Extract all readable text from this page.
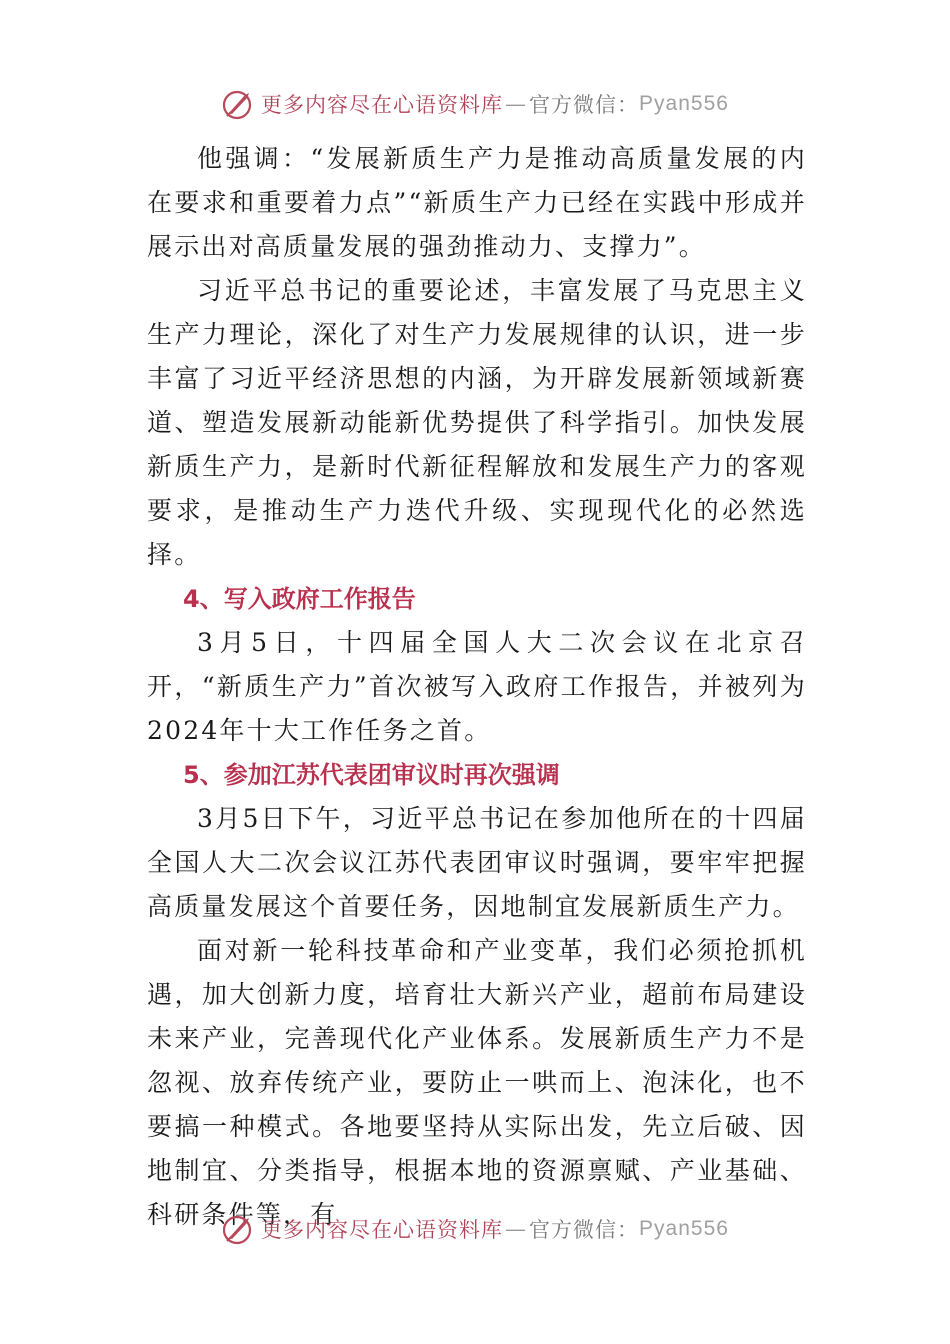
更多内容尽在心语资料库 — 官方微信： Pyan556

他强调：“发展新质生产力是推动高质量发展的内在要求和重要着力点”“新质生产力已经在实践中形成并展示出对高质量发展的强劲推动力、支撑力”。

习近平总书记的重要论述，丰富发展了马克思主义生产力理论，深化了对生产力发展规律的认识，进一步丰富了习近平经济思想的内涵，为开辟发展新领域新赛道、塑造发展新动能新优势提供了科学指引。加快发展新质生产力，是新时代新征程解放和发展生产力的客观要求，是推动生产力迭代升级、实现现代化的必然选择。

4、写入政府工作报告

3月5日，十四届全国人大二次会议在北京召开，“新质生产力”首次被写入政府工作报告，并被列为2024年十大工作任务之首。

5、参加江苏代表团审议时再次强调

3月5日下午，习近平总书记在参加他所在的十四届全国人大二次会议江苏代表团审议时强调，要牢牢把握高质量发展这个首要任务，因地制宜发展新质生产力。

面对新一轮科技革命和产业变革，我们必须抢抓机遇，加大创新力度，培育壮大新兴产业，超前布局建设未来产业，完善现代化产业体系。发展新质生产力不是忽视、放弃传统产业，要防止一哄而上、泡沫化，也不要搞一种模式。各地要坚持从实际出发，先立后破、因地制宜、分类指导，根据本地的资源禀赋、产业基础、科研条件等，有

更多内容尽在心语资料库 — 官方微信： Pyan556
